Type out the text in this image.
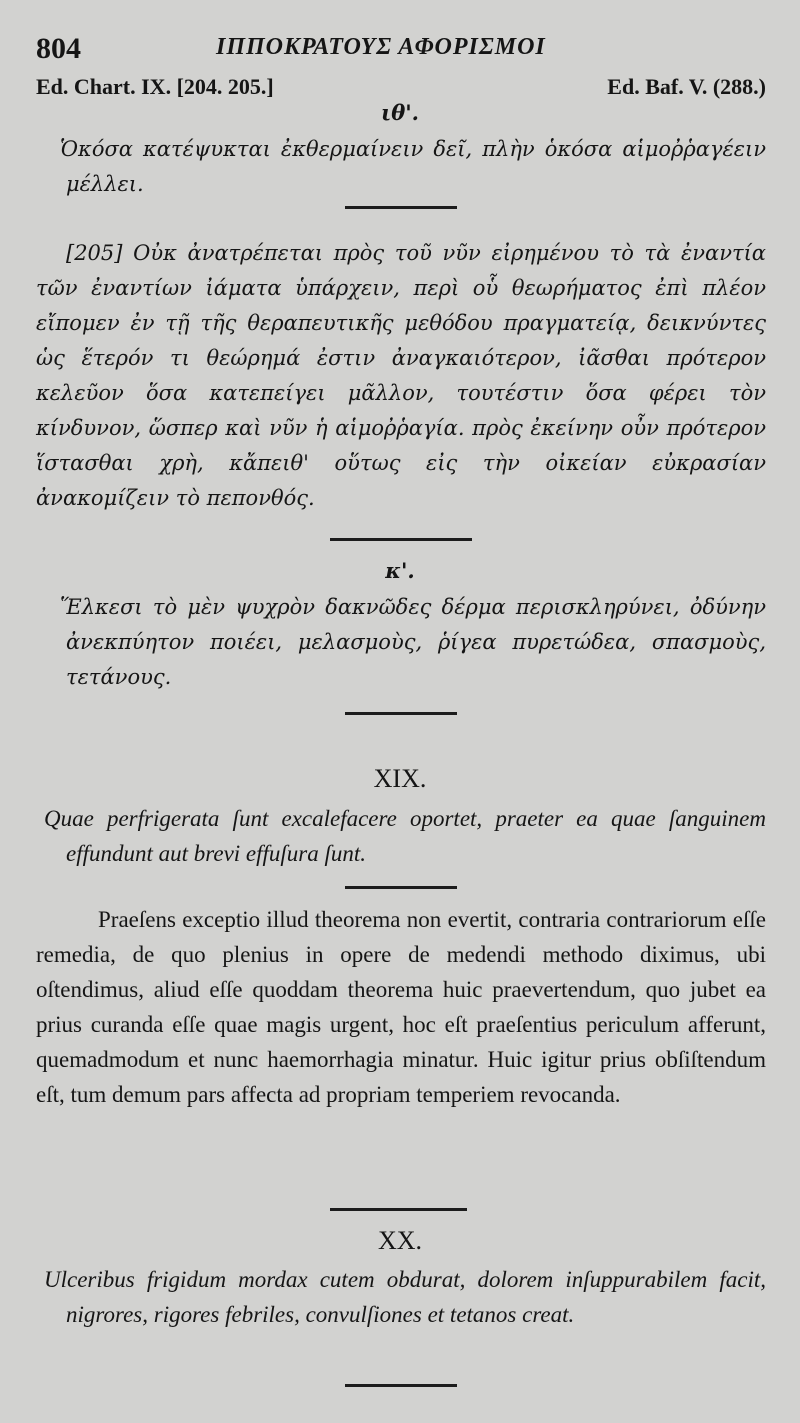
804	ΙΠΠΟΚΡΑΤΟΥΣ ΑΦΟΡΙΣΜΟΙ
Ed. Chart. IX. [204. 205.]	Ed. Baf. V. (288.)
ιθ'.
Ὁκόσα κατέψυκται ἐκθερμαίνειν δεῖ, πλὴν ὁκόσα αἱμοῤῥαγέειν μέλλει.
[205] Οὐκ ἀνατρέπεται πρὸς τοῦ νῦν εἰρημένου τὸ τὰ ἐναντία τῶν ἐναντίων ἰάματα ὑπάρχειν, περὶ οὗ θεωρήματος ἐπὶ πλέον εἴπομεν ἐν τῇ τῆς θεραπευτικῆς μεθόδου πραγματείᾳ, δεικνύντες ὡς ἕτερόν τι θεώρημά ἐστιν ἀναγκαιότερον, ἰᾶσθαι πρότερον κελεῦον ὅσα κατεπείγει μᾶλλον, τουτέστιν ὅσα φέρει τὸν κίνδυνον, ὥσπερ καὶ νῦν ἡ αἱμοῤῥαγία. πρὸς ἐκείνην οὖν πρότερον ἵστασθαι χρὴ, κἄπειθ' οὕτως εἰς τὴν οἰκείαν εὐκρασίαν ἀνακομίζειν τὸ πεπονθός.
κ'.
Ἕλκεσι τὸ μὲν ψυχρὸν δακνῶδες δέρμα περισκληρύνει, ὀδύνην ἀνεκπύητον ποιέει, μελασμοὺς, ῥίγεα πυρετώδεα, σπασμοὺς, τετάνους.
XIX.
Quae perfrigerata ſunt excalefacere oportet, praeter ea quae ſanguinem effundunt aut brevi effuſura ſunt.
Praeſens exceptio illud theorema non evertit, contraria contrariorum eſſe remedia, de quo plenius in opere de medendi methodo diximus, ubi oſtendimus, aliud eſſe quoddam theorema huic praevertendum, quo jubet ea prius curanda eſſe quae magis urgent, hoc eſt praeſentius periculum afferunt, quemadmodum et nunc haemorrhagia minatur. Huic igitur prius obſiſtendum eſt, tum demum pars affecta ad propriam temperiem revocanda.
XX.
Ulceribus frigidum mordax cutem obdurat, dolorem inſuppurabilem facit, nigrores, rigores febriles, convulſiones et tetanos creat.
